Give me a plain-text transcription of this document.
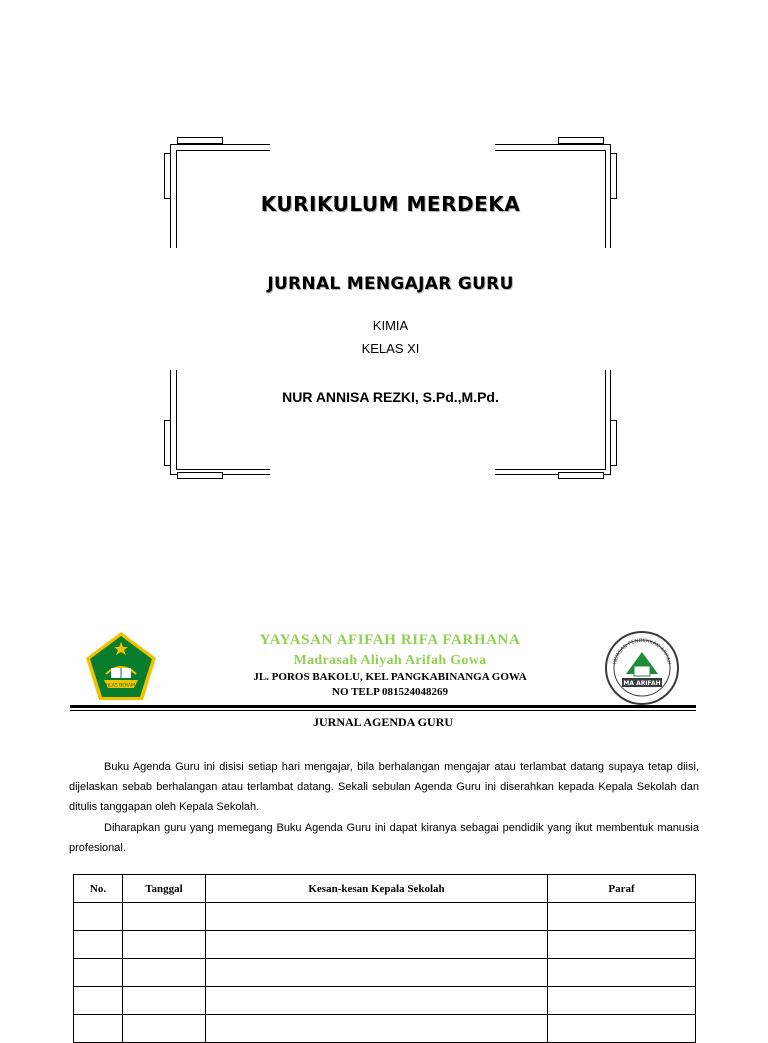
KURIKULUM MERDEKA
JURNAL MENGAJAR GURU
KIMIA
KELAS XI
NUR ANNISA REZKI, S.Pd.,M.Pd.
IKHLAS BERAMAL
YAYASAN PENDIDIKAN ARIFAH
MA ARIFAH
YAYASAN AFIFAH RIFA FARHANA
Madrasah Aliyah Arifah Gowa
JL. POROS BAKOLU, KEL PANGKABINANGA GOWA
NO TELP 081524048269
JURNAL AGENDA GURU

Buku Agenda Guru ini disisi setiap hari mengajar, bila berhalangan mengajar atau terlambat datang supaya tetap diisi, dijelaskan sebab berhalangan atau terlambat datang. Sekali sebulan Agenda Guru ini diserahkan kepada Kepala Sekolah dan ditulis tanggapan oleh Kepala Sekolah.

Diharapkan guru yang memegang Buku Agenda Guru ini dapat kiranya sebagai pendidik yang ikut membentuk manusia profesional.

No.	Tanggal	Kesan-kesan Kepala Sekolah	Paraf
